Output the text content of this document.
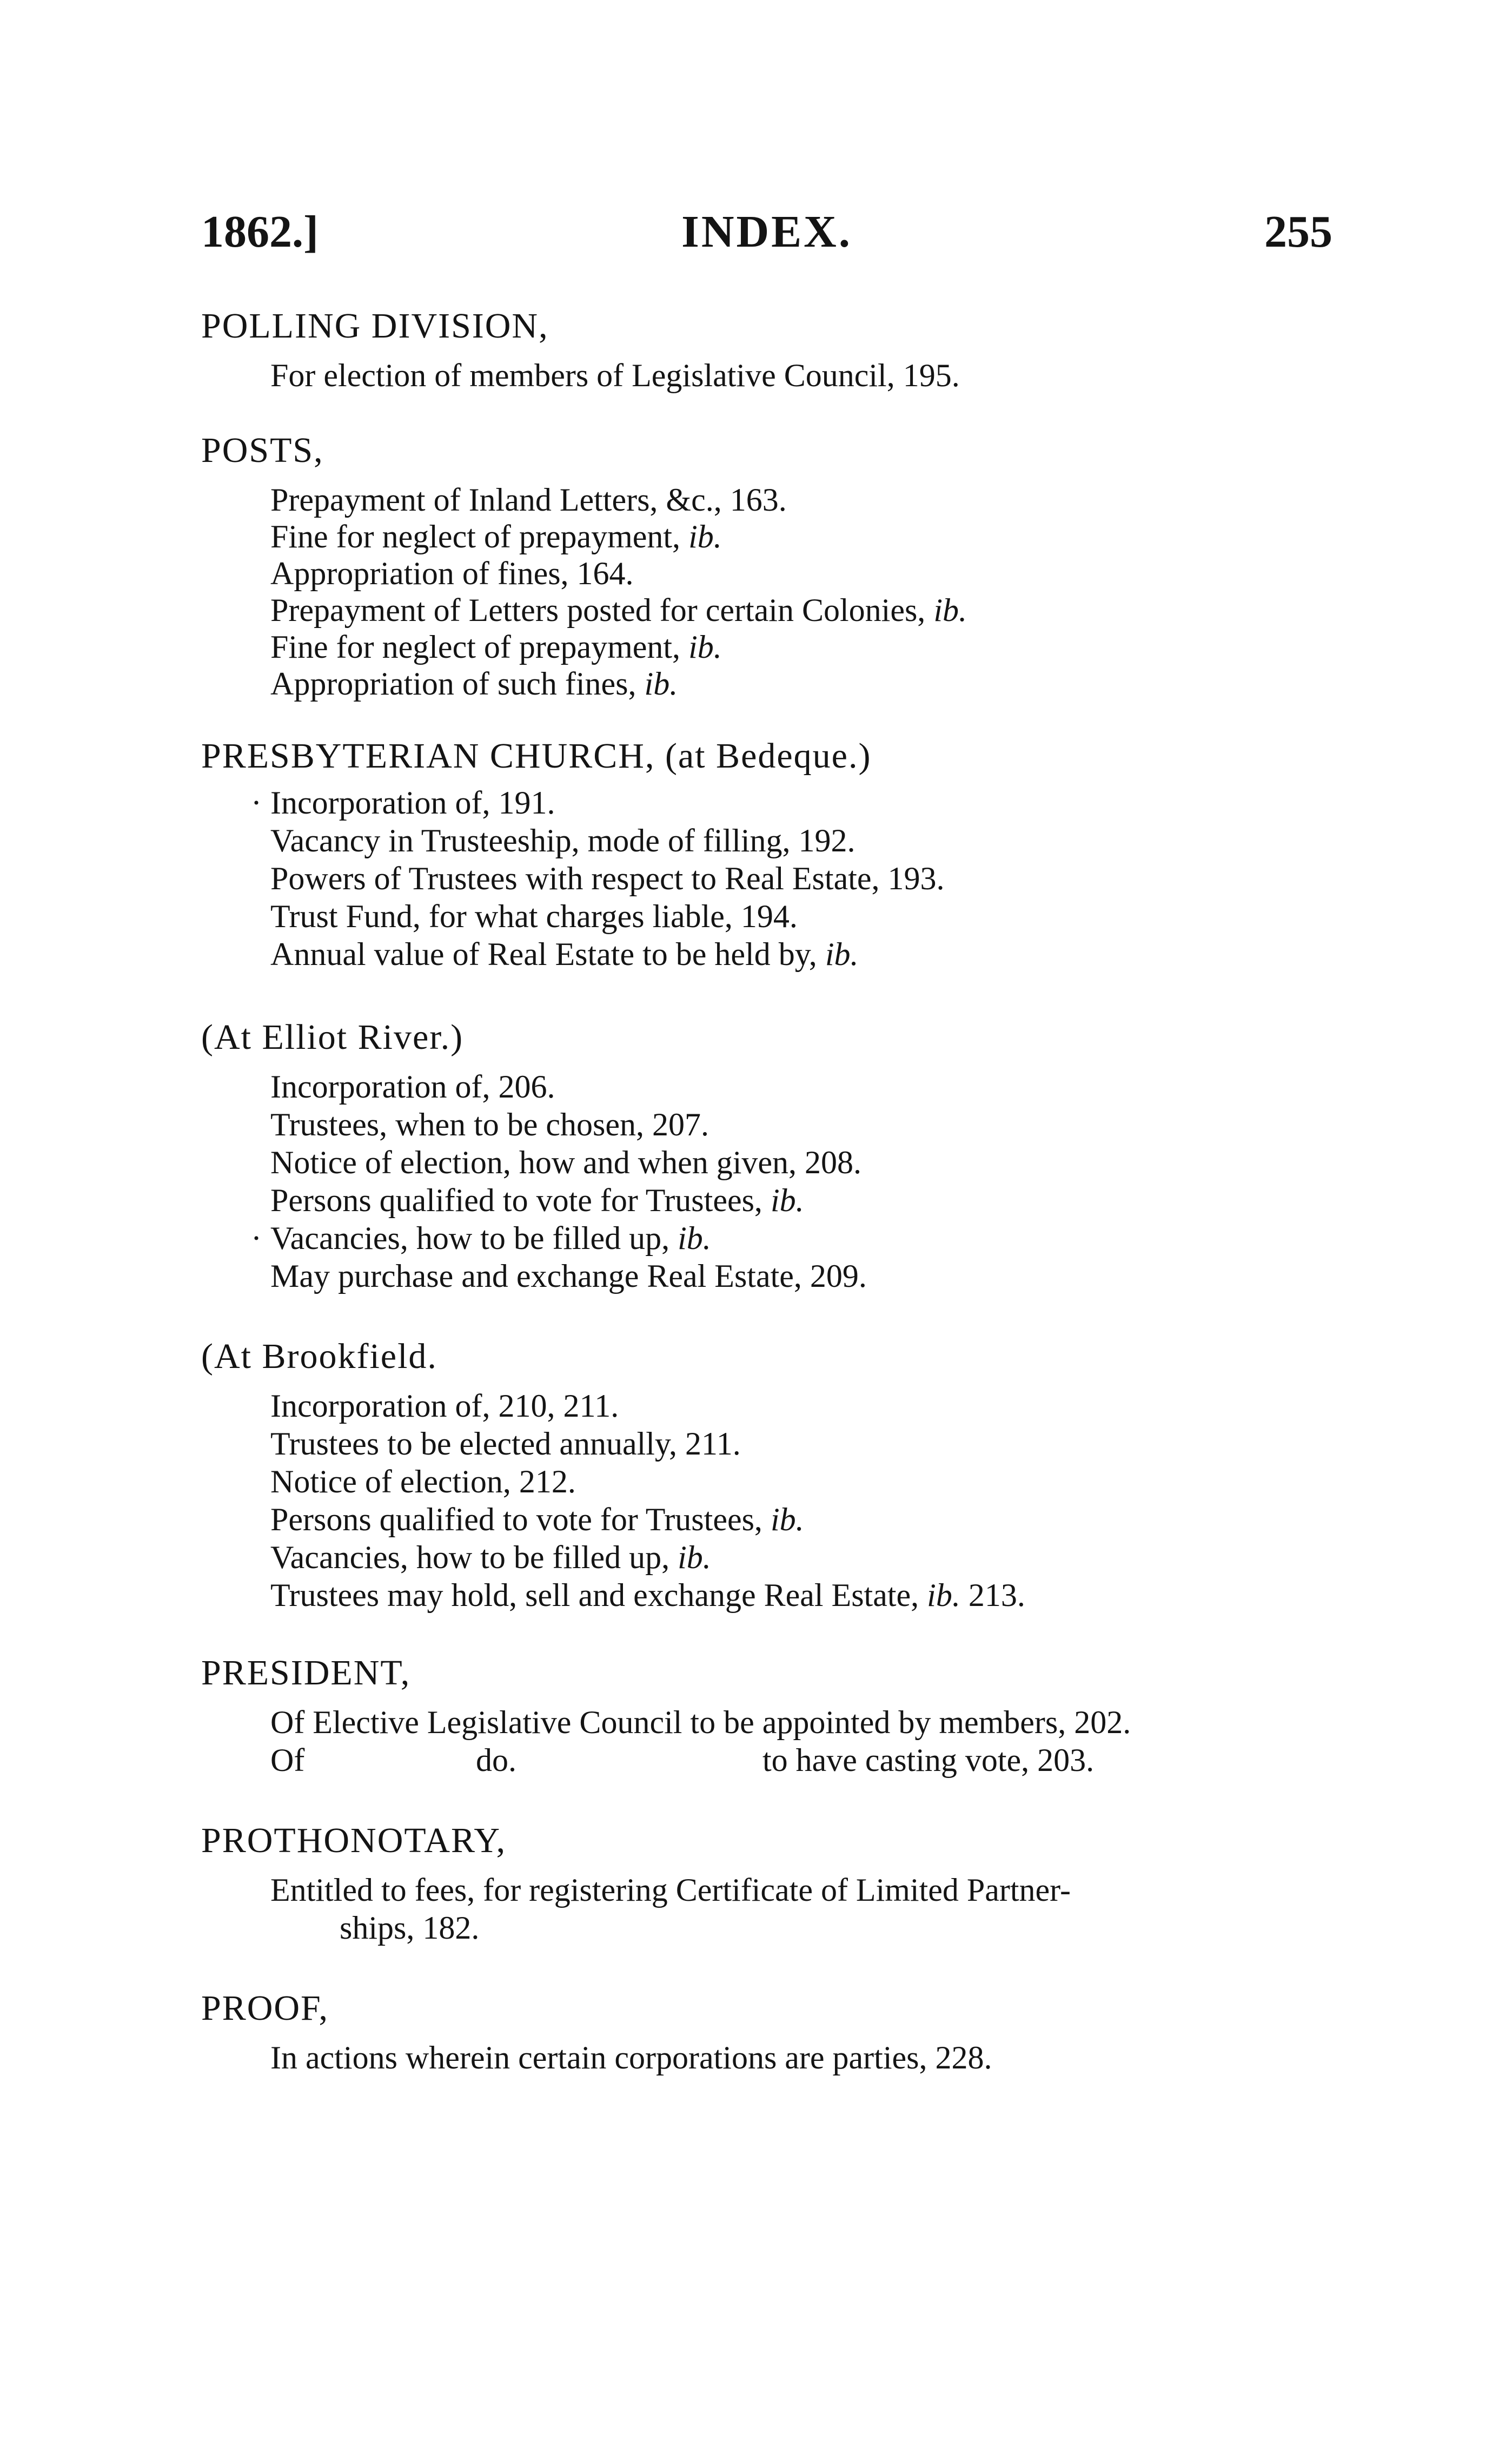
1862.]	INDEX.	255
POLLING DIVISION,
For election of members of Legislative Council, 195.
POSTS,
Prepayment of Inland Letters, &c., 163.
Fine for neglect of prepayment, ib.
Appropriation of fines, 164.
Prepayment of Letters posted for certain Colonies, ib.
Fine for neglect of prepayment, ib.
Appropriation of such fines, ib.
PRESBYTERIAN CHURCH, (at Bedeque.)
· Incorporation of, 191.
Vacancy in Trusteeship, mode of filling, 192.
Powers of Trustees with respect to Real Estate, 193.
Trust Fund, for what charges liable, 194.
Annual value of Real Estate to be held by, ib.
(At Elliot River.)
Incorporation of, 206.
Trustees, when to be chosen, 207.
Notice of election, how and when given, 208.
Persons qualified to vote for Trustees, ib.
· Vacancies, how to be filled up, ib.
May purchase and exchange Real Estate, 209.
(At Brookfield.
Incorporation of, 210, 211.
Trustees to be elected annually, 211.
Notice of election, 212.
Persons qualified to vote for Trustees, ib.
Vacancies, how to be filled up, ib.
Trustees may hold, sell and exchange Real Estate, ib. 213.
PRESIDENT,
Of Elective Legislative Council to be appointed by members, 202.
Of	do.	to have casting vote, 203.
PROTHONOTARY,
Entitled to fees, for registering Certificate of Limited Partner-
ships, 182.
PROOF,
In actions wherein certain corporations are parties, 228.
